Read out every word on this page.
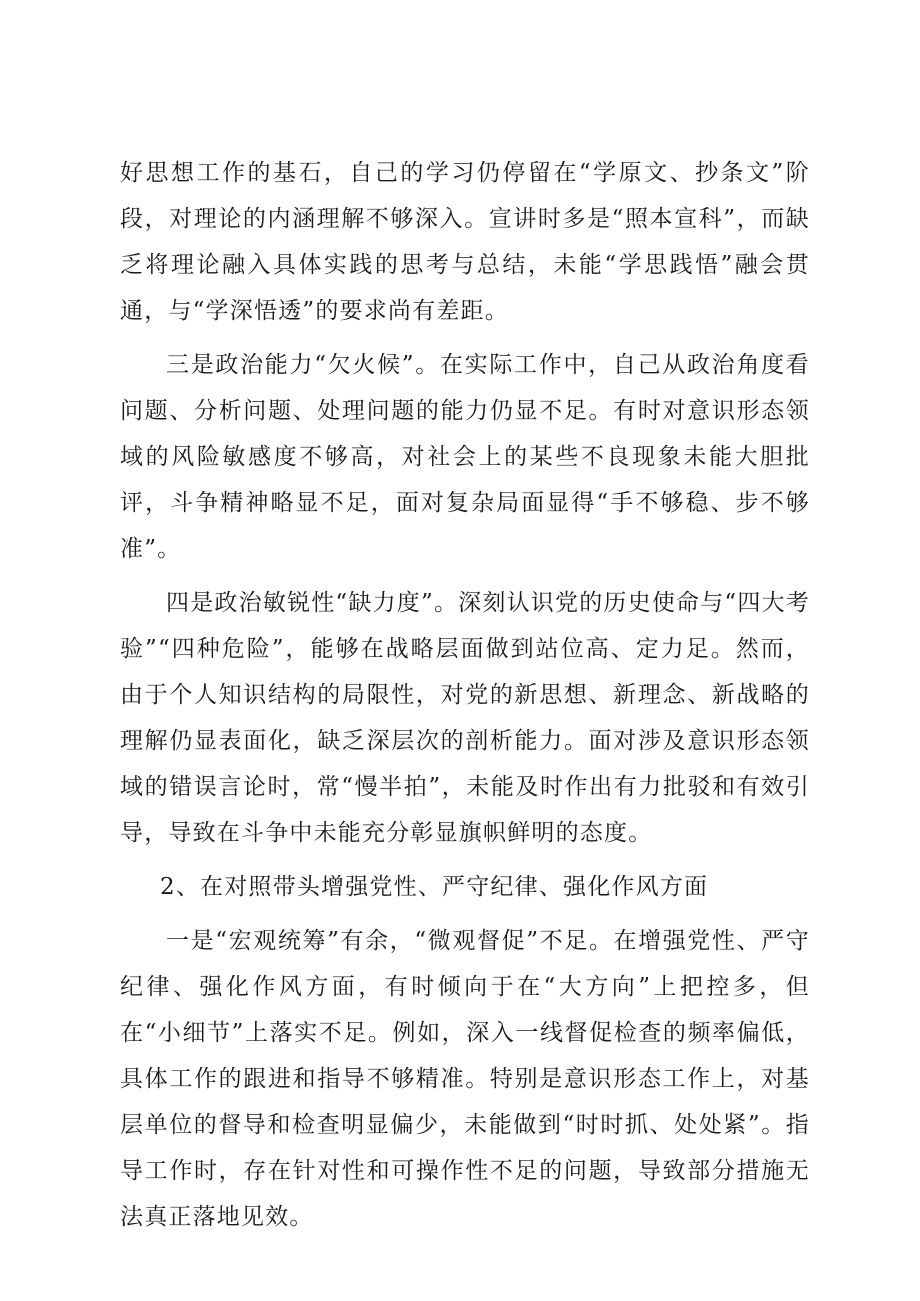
好思想工作的基石，自己的学习仍停留在“学原文、抄条文”阶段，对理论的内涵理解不够深入。宣讲时多是“照本宣科”，而缺乏将理论融入具体实践的思考与总结，未能“学思践悟”融会贯通，与“学深悟透”的要求尚有差距。

三是政治能力“欠火候”。在实际工作中，自己从政治角度看问题、分析问题、处理问题的能力仍显不足。有时对意识形态领域的风险敏感度不够高，对社会上的某些不良现象未能大胆批评，斗争精神略显不足，面对复杂局面显得“手不够稳、步不够准”。

四是政治敏锐性“缺力度”。深刻认识党的历史使命与“四大考验”“四种危险”，能够在战略层面做到站位高、定力足。然而，由于个人知识结构的局限性，对党的新思想、新理念、新战略的理解仍显表面化，缺乏深层次的剖析能力。面对涉及意识形态领域的错误言论时，常“慢半拍”，未能及时作出有力批驳和有效引导，导致在斗争中未能充分彰显旗帜鲜明的态度。

2、在对照带头增强党性、严守纪律、强化作风方面

一是“宏观统筹”有余，“微观督促”不足。在增强党性、严守纪律、强化作风方面，有时倾向于在“大方向”上把控多，但在“小细节”上落实不足。例如，深入一线督促检查的频率偏低，具体工作的跟进和指导不够精准。特别是意识形态工作上，对基层单位的督导和检查明显偏少，未能做到“时时抓、处处紧”。指导工作时，存在针对性和可操作性不足的问题，导致部分措施无法真正落地见效。
